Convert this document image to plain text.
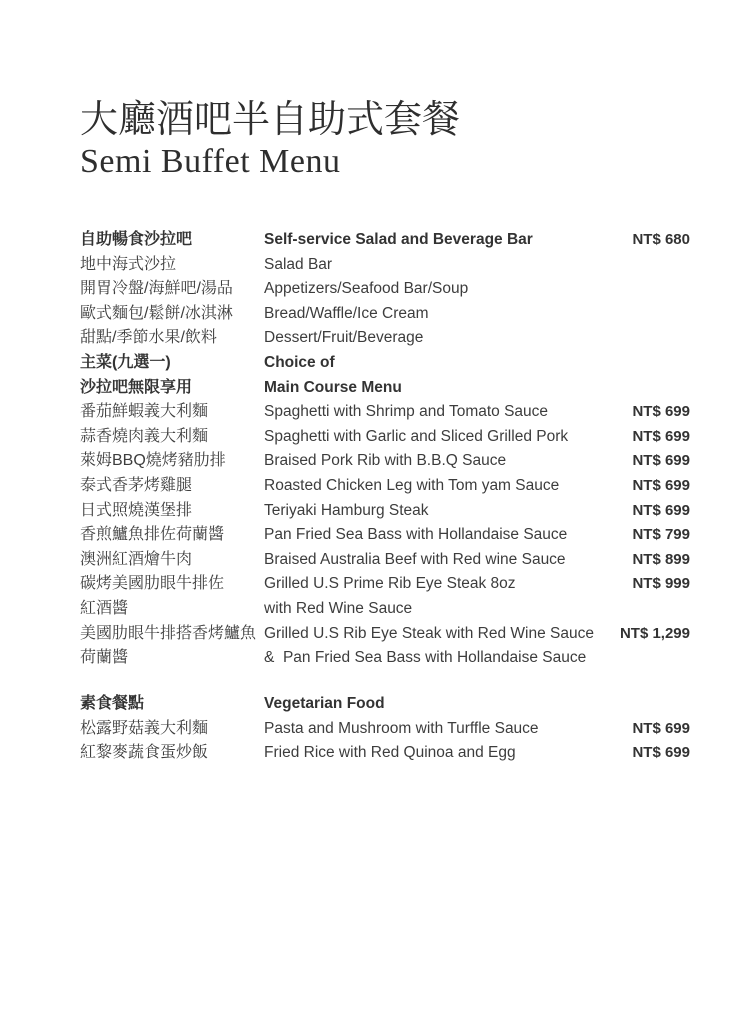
大廳酒吧半自助式套餐
Semi Buffet Menu
自助暢食沙拉吧	Self-service Salad and Beverage Bar	NT$ 680
地中海式沙拉	Salad Bar
開胃冷盤/海鮮吧/湯品	Appetizers/Seafood Bar/Soup
歐式麵包/鬆餅/冰淇淋	Bread/Waffle/Ice Cream
甜點/季節水果/飲料	Dessert/Fruit/Beverage
主菜(九選一)	Choice of
沙拉吧無限享用	Main Course Menu
番茄鮮蝦義大利麵	Spaghetti with Shrimp and Tomato Sauce	NT$ 699
蒜香燒肉義大利麵	Spaghetti with Garlic and Sliced Grilled Pork	NT$ 699
萊姆BBQ燒烤豬肋排	Braised Pork Rib with B.B.Q Sauce	NT$ 699
泰式香茅烤雞腿	Roasted Chicken Leg with Tom yam Sauce	NT$ 699
日式照燒漢堡排	Teriyaki Hamburg Steak	NT$ 699
香煎鱸魚排佐荷蘭醬	Pan Fried Sea Bass with Hollandaise Sauce	NT$ 799
澳洲紅酒燴牛肉	Braised Australia Beef with Red wine Sauce	NT$ 899
碳烤美國肋眼牛排佐	Grilled U.S Prime Rib Eye Steak 8oz	NT$ 999
紅酒醬	with Red Wine Sauce
美國肋眼牛排搭香烤鱸魚 Grilled U.S Rib Eye Steak with Red Wine Sauce	NT$ 1,299
荷蘭醬	&  Pan Fried Sea Bass with Hollandaise Sauce
素食餐點	Vegetarian Food
松露野菇義大利麵	Pasta and Mushroom with Turffle Sauce	NT$ 699
紅黎麥蔬食蛋炒飯	Fried Rice with Red Quinoa and Egg	NT$ 699
